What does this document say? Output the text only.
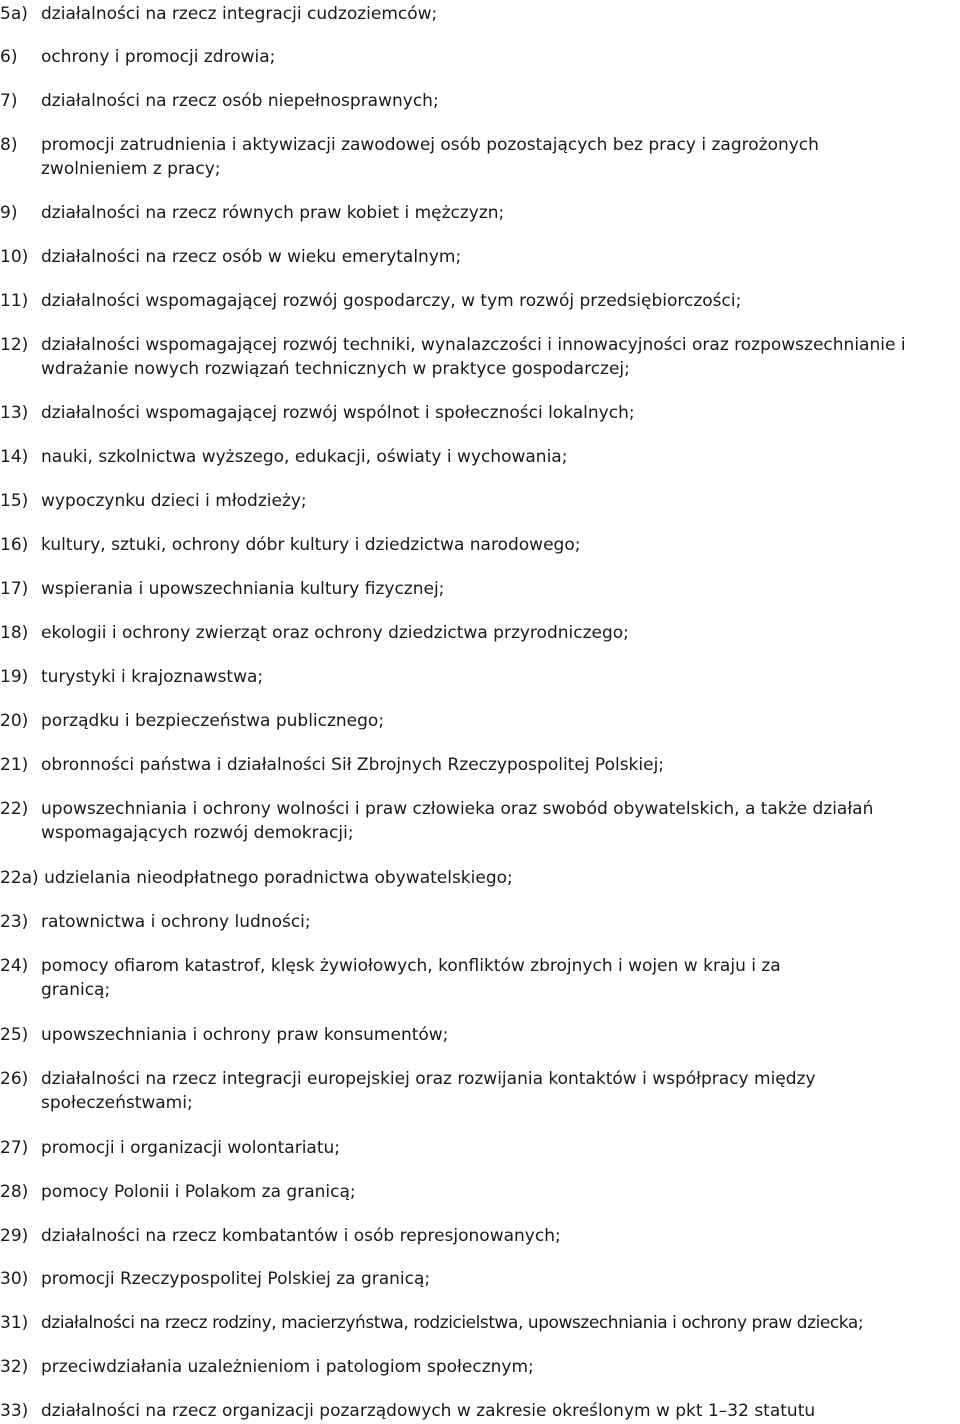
5a) działalności na rzecz integracji cudzoziemców;

6) ochrony i promocji zdrowia;

7) działalności na rzecz osób niepełnosprawnych;

8) promocji zatrudnienia i aktywizacji zawodowej osób pozostających bez pracy i zagrożonych
zwolnieniem z pracy;

9) działalności na rzecz równych praw kobiet i mężczyzn;

10) działalności na rzecz osób w wieku emerytalnym;

11) działalności wspomagającej rozwój gospodarczy, w tym rozwój przedsiębiorczości;

12) działalności wspomagającej rozwój techniki, wynalazczości i innowacyjności oraz rozpowszechnianie i
wdrażanie nowych rozwiązań technicznych w praktyce gospodarczej;

13) działalności wspomagającej rozwój wspólnot i społeczności lokalnych;

14) nauki, szkolnictwa wyższego, edukacji, oświaty i wychowania;

15) wypoczynku dzieci i młodzieży;

16) kultury, sztuki, ochrony dóbr kultury i dziedzictwa narodowego;

17) wspierania i upowszechniania kultury fizycznej;

18) ekologii i ochrony zwierząt oraz ochrony dziedzictwa przyrodniczego;

19) turystyki i krajoznawstwa;

20) porządku i bezpieczeństwa publicznego;

21) obronności państwa i działalności Sił Zbrojnych Rzeczypospolitej Polskiej;

22) upowszechniania i ochrony wolności i praw człowieka oraz swobód obywatelskich, a także działań
wspomagających rozwój demokracji;

22a) udzielania nieodpłatnego poradnictwa obywatelskiego;

23) ratownictwa i ochrony ludności;

24) pomocy ofiarom katastrof, klęsk żywiołowych, konfliktów zbrojnych i wojen w kraju i za
granicą;

25) upowszechniania i ochrony praw konsumentów;

26) działalności na rzecz integracji europejskiej oraz rozwijania kontaktów i współpracy między
społeczeństwami;

27) promocji i organizacji wolontariatu;

28) pomocy Polonii i Polakom za granicą;

29) działalności na rzecz kombatantów i osób represjonowanych;

30) promocji Rzeczypospolitej Polskiej za granicą;

31) działalności na rzecz rodziny, macierzyństwa, rodzicielstwa, upowszechniania i ochrony praw dziecka;

32) przeciwdziałania uzależnieniom i patologiom społecznym;

33) działalności na rzecz organizacji pozarządowych w zakresie określonym w pkt 1–32 statutu
